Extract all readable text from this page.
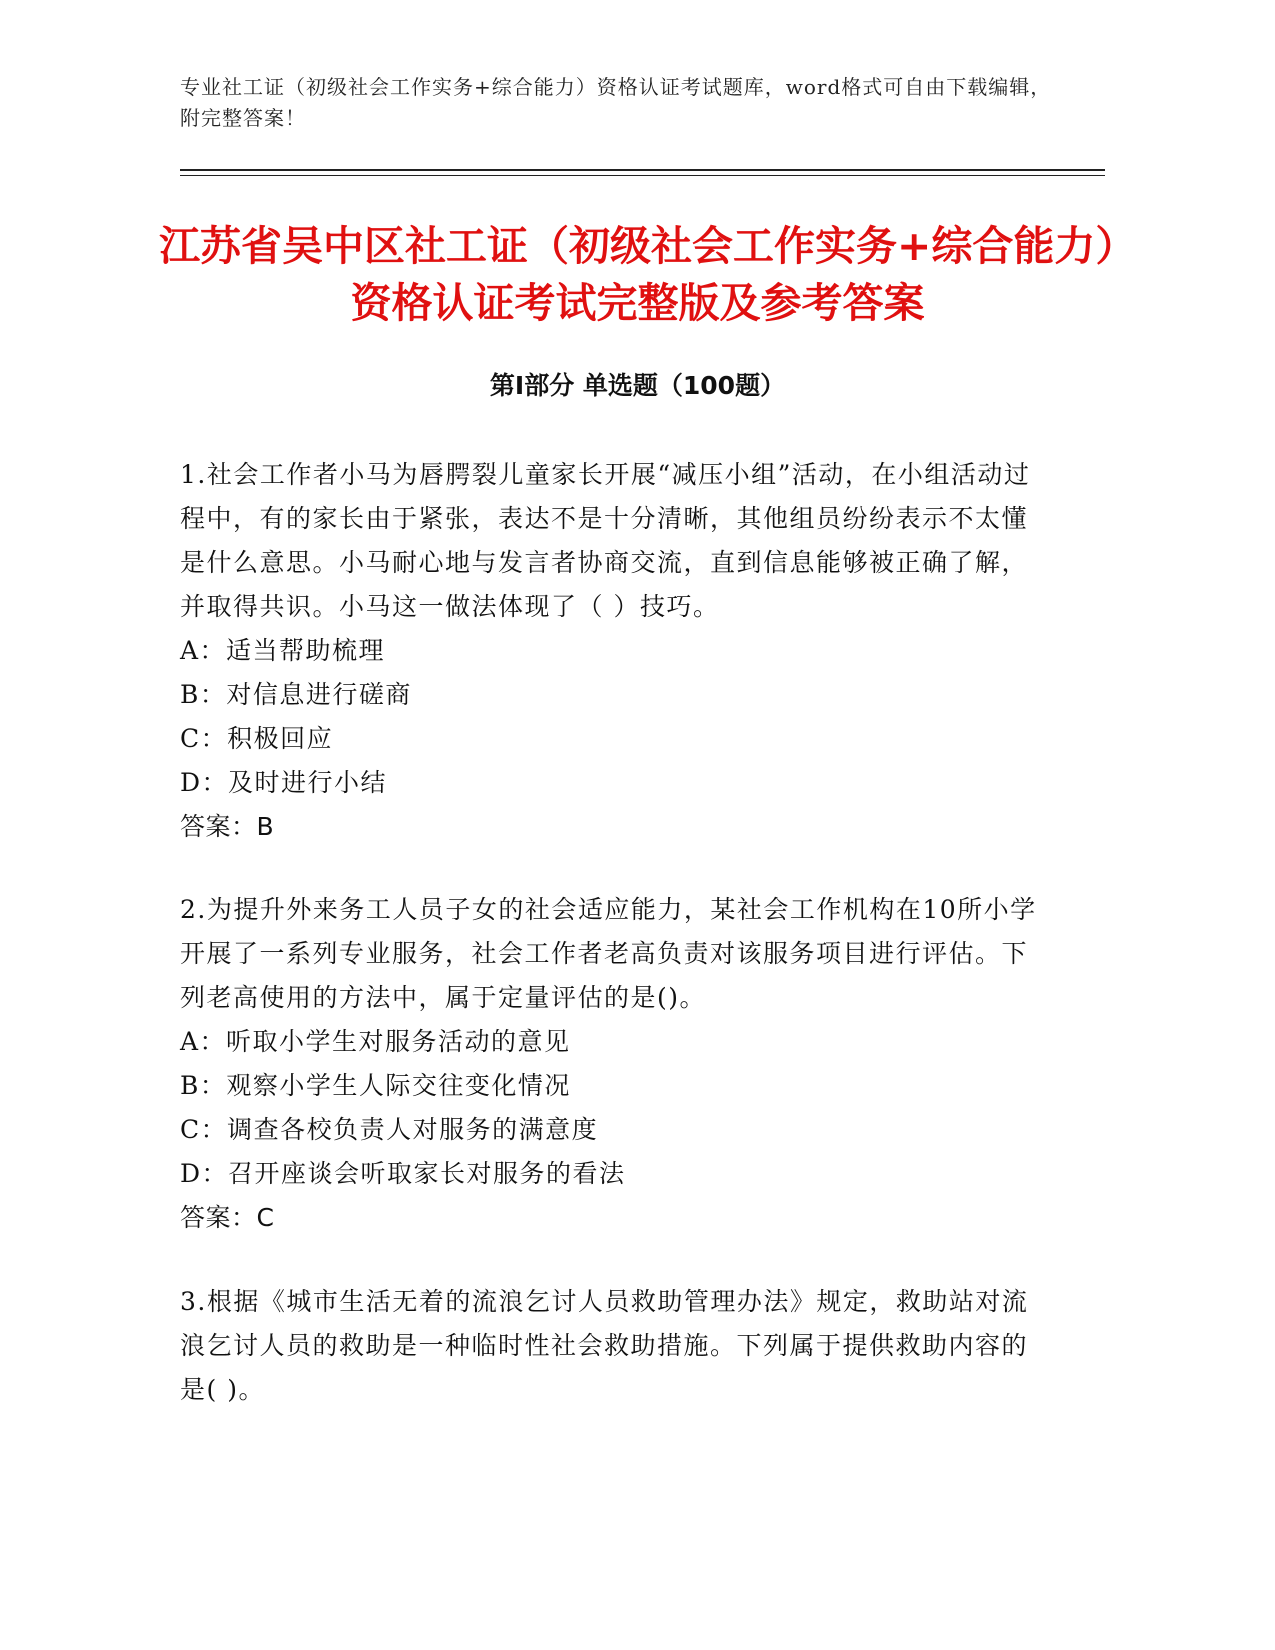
专业社工证（初级社会工作实务+综合能力）资格认证考试题库，word格式可自由下载编辑，附完整答案！

江苏省吴中区社工证（初级社会工作实务+综合能力）资格认证考试完整版及参考答案
第Ⅰ部分 单选题（100题）
1.社会工作者小马为唇腭裂儿童家长开展“减压小组”活动，在小组活动过程中，有的家长由于紧张，表达不是十分清晰，其他组员纷纷表示不太懂是什么意思。小马耐心地与发言者协商交流，直到信息能够被正确了解，并取得共识。小马这一做法体现了（ ）技巧。
A：适当帮助梳理
B：对信息进行磋商
C：积极回应
D：及时进行小结
答案：B
2.为提升外来务工人员子女的社会适应能力，某社会工作机构在10所小学开展了一系列专业服务，社会工作者老高负责对该服务项目进行评估。下列老高使用的方法中，属于定量评估的是()。
A：听取小学生对服务活动的意见
B：观察小学生人际交往变化情况
C：调查各校负责人对服务的满意度
D：召开座谈会听取家长对服务的看法
答案：C
3.根据《城市生活无着的流浪乞讨人员救助管理办法》规定，救助站对流浪乞讨人员的救助是一种临时性社会救助措施。下列属于提供救助内容的是( )。
